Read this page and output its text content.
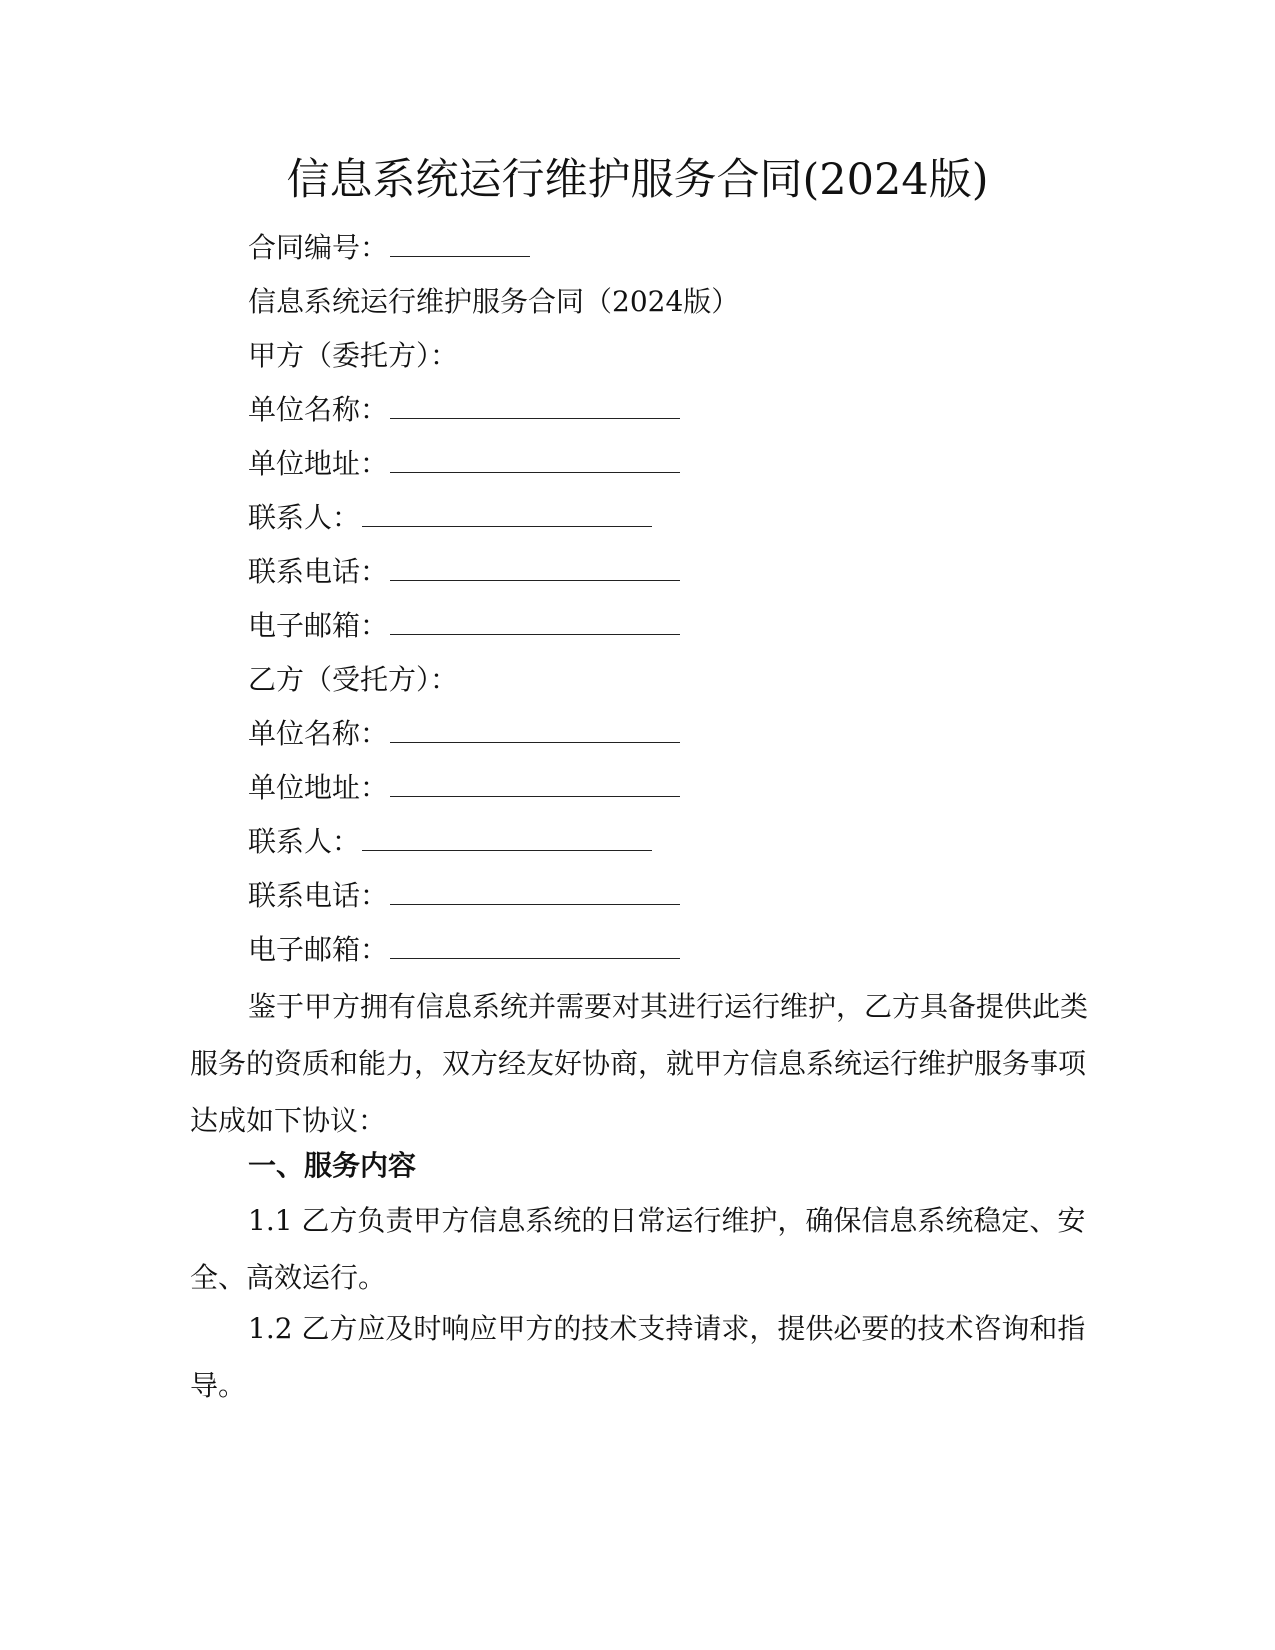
信息系统运行维护服务合同(2024版)
合同编号：
信息系统运行维护服务合同（2024版）
甲方（委托方）：
单位名称：
单位地址：
联系人：
联系电话：
电子邮箱：
乙方（受托方）：
单位名称：
单位地址：
联系人：
联系电话：
电子邮箱：
鉴于甲方拥有信息系统并需要对其进行运行维护，乙方具备提供此类服务的资质和能力，双方经友好协商，就甲方信息系统运行维护服务事项达成如下协议：
一、服务内容
1.1 乙方负责甲方信息系统的日常运行维护，确保信息系统稳定、安全、高效运行。
1.2 乙方应及时响应甲方的技术支持请求，提供必要的技术咨询和指导。
